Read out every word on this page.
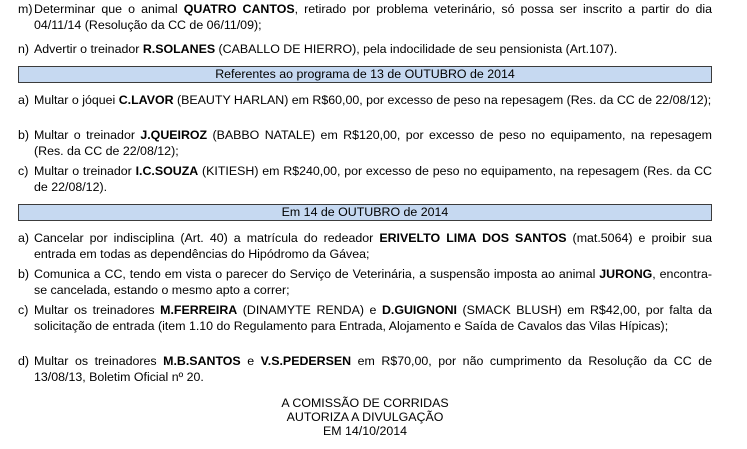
m) Determinar que o animal QUATRO CANTOS, retirado por problema veterinário, só possa ser inscrito a partir do dia 04/11/14 (Resolução da CC de 06/11/09);
n) Advertir o treinador R.SOLANES (CABALLO DE HIERRO), pela indocilidade de seu pensionista (Art.107).
Referentes ao programa de 13 de OUTUBRO de 2014
a) Multar o jóquei C.LAVOR (BEAUTY HARLAN) em R$60,00, por excesso de peso na repesagem (Res. da CC de 22/08/12);
b) Multar o treinador J.QUEIROZ (BABBO NATALE) em R$120,00, por excesso de peso no equipamento, na repesagem (Res. da CC de 22/08/12);
c) Multar o treinador I.C.SOUZA (KITIESH) em R$240,00, por excesso de peso no equipamento, na repesagem (Res. da CC de 22/08/12).
Em 14 de OUTUBRO de 2014
a) Cancelar por indisciplina (Art. 40) a matrícula do redeador ERIVELTO LIMA DOS SANTOS (mat.5064) e proibir sua entrada em todas as dependências do Hipódromo da Gávea;
b) Comunica a CC, tendo em vista o parecer do Serviço de Veterinária, a suspensão imposta ao animal JURONG, encontra-se cancelada, estando o mesmo apto a correr;
c) Multar os treinadores M.FERREIRA (DINAMYTE RENDA) e D.GUIGNONI (SMACK BLUSH) em R$42,00, por falta da solicitação de entrada (item 1.10 do Regulamento para Entrada, Alojamento e Saída de Cavalos das Vilas Hípicas);
d) Multar os treinadores M.B.SANTOS e V.S.PEDERSEN em R$70,00, por não cumprimento da Resolução da CC de 13/08/13, Boletim Oficial nº 20.
A COMISSÃO DE CORRIDAS
AUTORIZA A DIVULGAÇÃO
EM 14/10/2014
